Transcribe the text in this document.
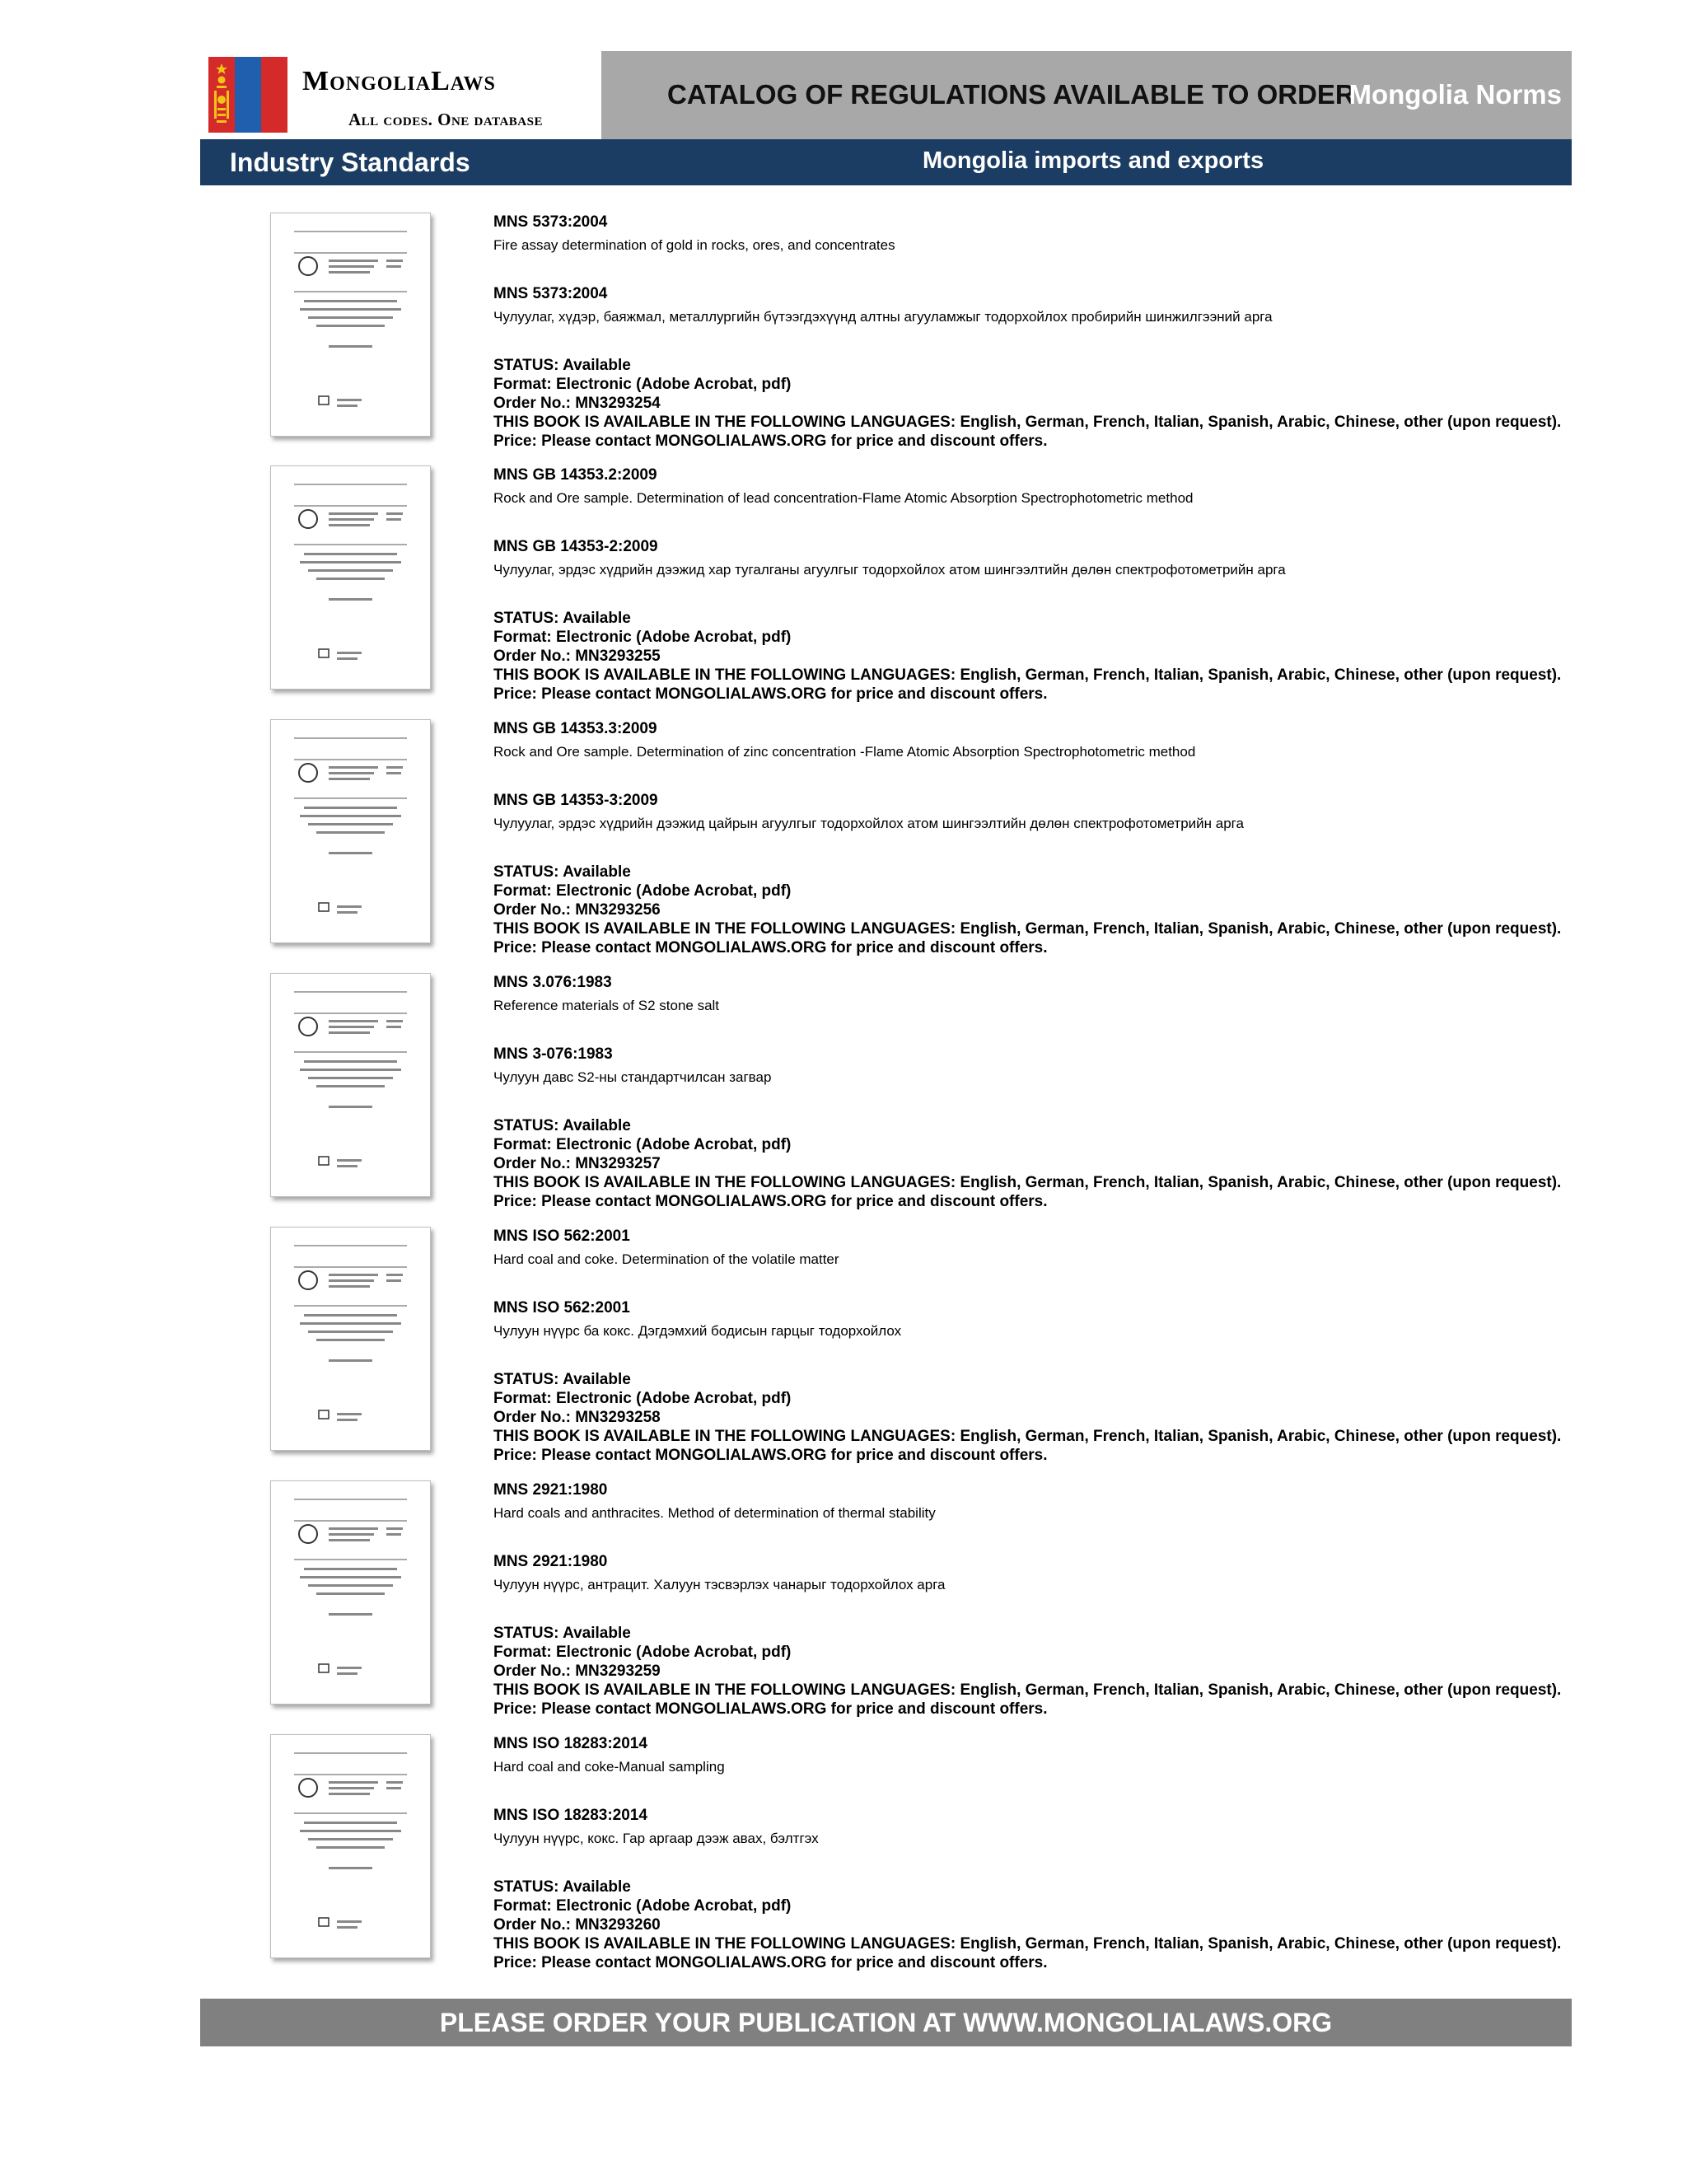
MongoliaLaws
All codes. One database
CATALOG OF REGULATIONS AVAILABLE TO ORDER
Mongolia Norms
Industry Standards	Mongolia imports and exports
MNS 5373:2004
Fire assay determination of gold in rocks, ores, and concentrates
MNS 5373:2004
Чулуулаг, хүдэр, баяжмал, металлургийн бүтээгдэхүүнд алтны агууламжыг тодорхойлох пробирийн шинжилгээний арга
STATUS: Available
Format: Electronic (Adobe Acrobat, pdf)
Order No.: MN3293254
THIS BOOK IS AVAILABLE IN THE FOLLOWING LANGUAGES: English, German, French, Italian, Spanish, Arabic, Chinese, other (upon request).
Price: Please contact MONGOLIALAWS.ORG for price and discount offers.
MNS GB 14353.2:2009
Rock and Ore sample. Determination of lead concentration-Flame Atomic Absorption Spectrophotometric method
MNS GB 14353-2:2009
Чулуулаг, эрдэс хүдрийн дээжид хар тугалганы агуулгыг тодорхойлох атом шингээлтийн дөлөн спектрофотометрийн арга
STATUS: Available
Format: Electronic (Adobe Acrobat, pdf)
Order No.: MN3293255
THIS BOOK IS AVAILABLE IN THE FOLLOWING LANGUAGES: English, German, French, Italian, Spanish, Arabic, Chinese, other (upon request).
Price: Please contact MONGOLIALAWS.ORG for price and discount offers.
MNS GB 14353.3:2009
Rock and Ore sample. Determination of zinc concentration -Flame Atomic Absorption Spectrophotometric method
MNS GB 14353-3:2009
Чулуулаг, эрдэс хүдрийн дээжид цайрын агуулгыг тодорхойлох атом шингээлтийн дөлөн спектрофотометрийн арга
STATUS: Available
Format: Electronic (Adobe Acrobat, pdf)
Order No.: MN3293256
THIS BOOK IS AVAILABLE IN THE FOLLOWING LANGUAGES: English, German, French, Italian, Spanish, Arabic, Chinese, other (upon request).
Price: Please contact MONGOLIALAWS.ORG for price and discount offers.
MNS 3.076:1983
Reference materials of S2 stone salt
MNS 3-076:1983
Чулуун давс S2-ны стандартчилсан загвар
STATUS: Available
Format: Electronic (Adobe Acrobat, pdf)
Order No.: MN3293257
THIS BOOK IS AVAILABLE IN THE FOLLOWING LANGUAGES: English, German, French, Italian, Spanish, Arabic, Chinese, other (upon request).
Price: Please contact MONGOLIALAWS.ORG for price and discount offers.
MNS ISO 562:2001
Hard coal and coke. Determination of the volatile matter
MNS ISO 562:2001
Чулуун нүүрс ба кокс. Дэгдэмхий бодисын гарцыг тодорхойлох
STATUS: Available
Format: Electronic (Adobe Acrobat, pdf)
Order No.: MN3293258
THIS BOOK IS AVAILABLE IN THE FOLLOWING LANGUAGES: English, German, French, Italian, Spanish, Arabic, Chinese, other (upon request).
Price: Please contact MONGOLIALAWS.ORG for price and discount offers.
MNS 2921:1980
Hard coals and anthracites. Method of determination of thermal stability
MNS 2921:1980
Чулуун нүүрс, антрацит. Халуун тэсвэрлэх чанарыг тодорхойлох арга
STATUS: Available
Format: Electronic (Adobe Acrobat, pdf)
Order No.: MN3293259
THIS BOOK IS AVAILABLE IN THE FOLLOWING LANGUAGES: English, German, French, Italian, Spanish, Arabic, Chinese, other (upon request).
Price: Please contact MONGOLIALAWS.ORG for price and discount offers.
MNS ISO 18283:2014
Hard coal and coke-Manual sampling
MNS ISO 18283:2014
Чулуун нүүрс, кокс. Гар аргаар дээж авах, бэлтгэх
STATUS: Available
Format: Electronic (Adobe Acrobat, pdf)
Order No.: MN3293260
THIS BOOK IS AVAILABLE IN THE FOLLOWING LANGUAGES: English, German, French, Italian, Spanish, Arabic, Chinese, other (upon request).
Price: Please contact MONGOLIALAWS.ORG for price and discount offers.
PLEASE ORDER YOUR PUBLICATION AT WWW.MONGOLIALAWS.ORG
